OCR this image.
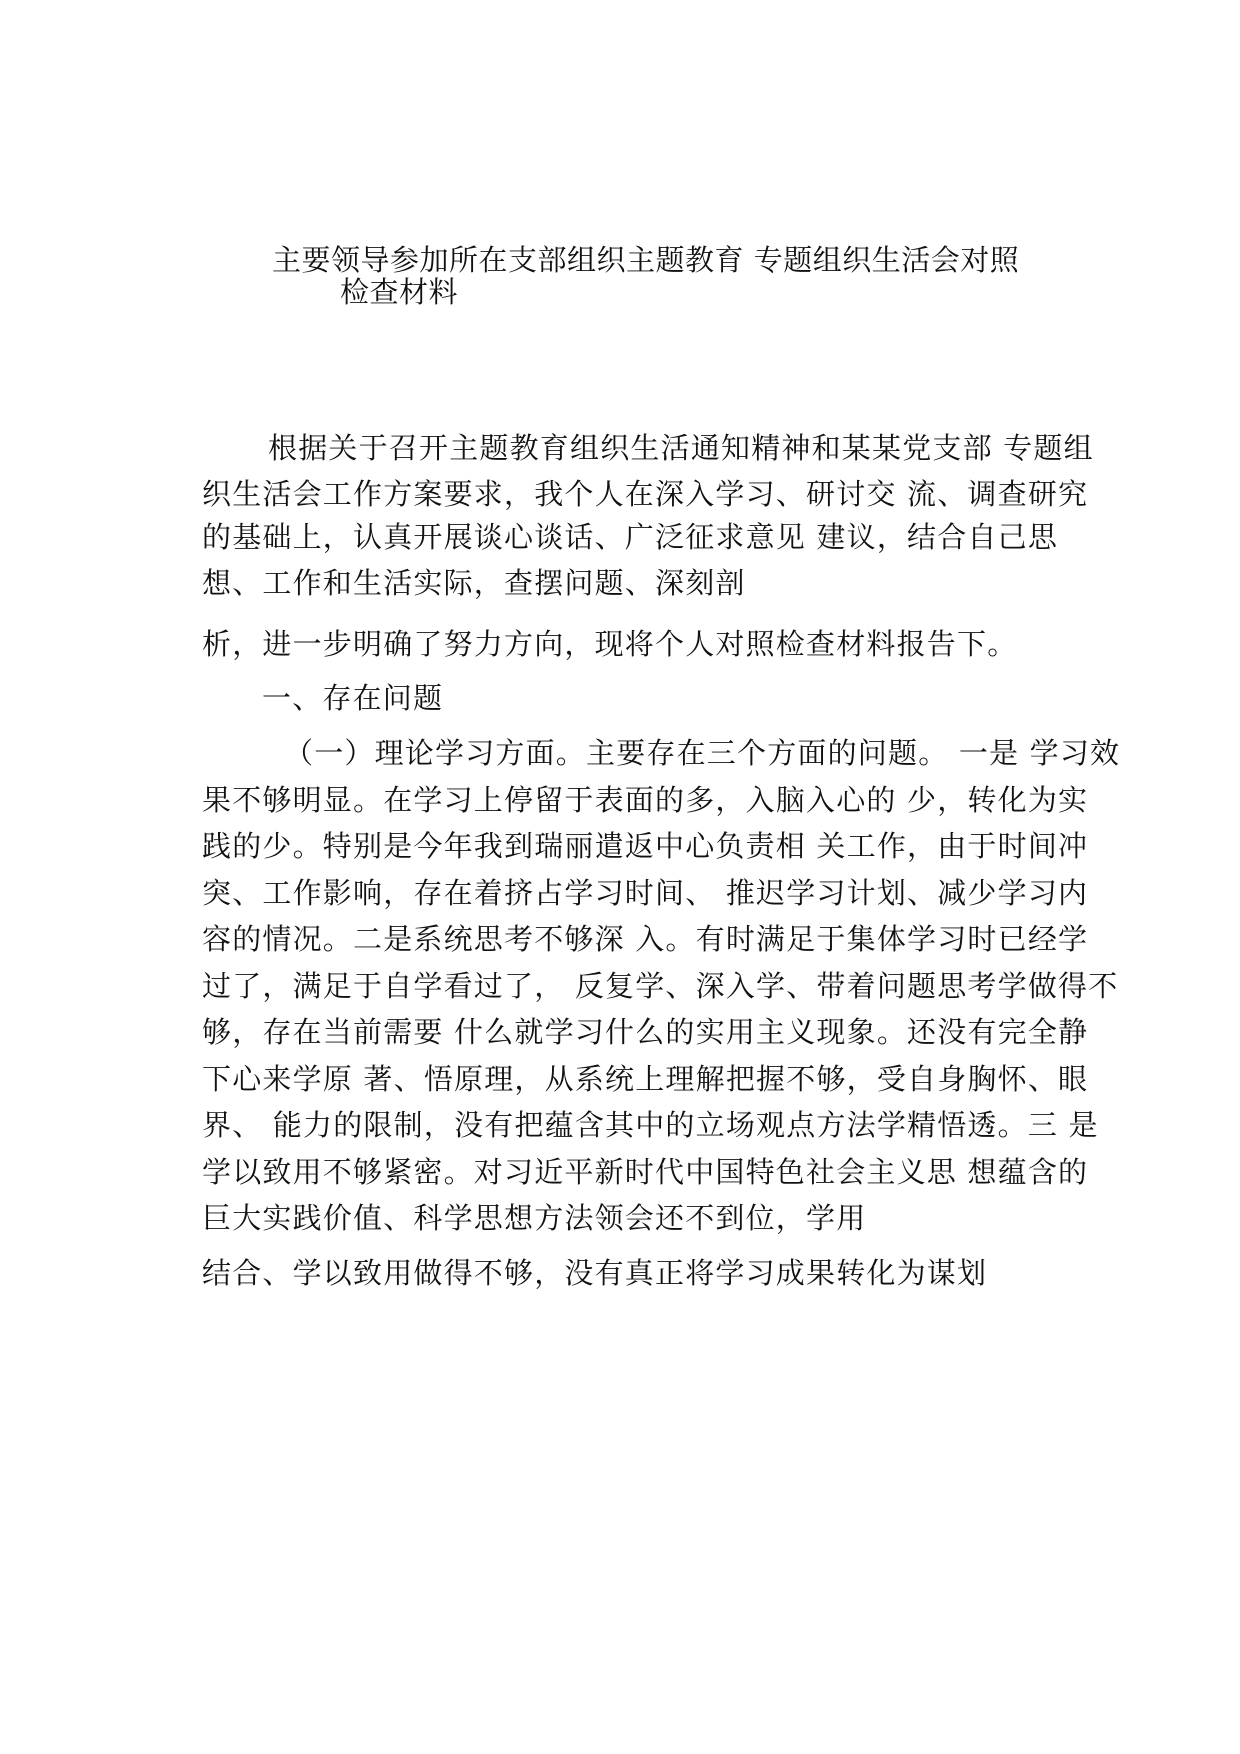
主要领导参加所在支部组织主题教育 专题组织生活会对照
检查材料
根据关于召开主题教育组织生活通知精神和某某党支部 专题组
织生活会工作方案要求，我个人在深入学习、研讨交 流、调查研究
的基础上，认真开展谈心谈话、广泛征求意见 建议，结合自己思
想、工作和生活实际，查摆问题、深刻剖
析，进一步明确了努力方向，现将个人对照检查材料报告下。
一、存在问题
（一）理论学习方面。主要存在三个方面的问题。 一是 学习效
果不够明显。在学习上停留于表面的多，入脑入心的 少，转化为实
践的少。特别是今年我到瑞丽遣返中心负责相 关工作，由于时间冲
突、工作影响，存在着挤占学习时间、 推迟学习计划、减少学习内
容的情况。二是系统思考不够深 入。有时满足于集体学习时已经学
过了，满足于自学看过了， 反复学、深入学、带着问题思考学做得不
够，存在当前需要 什么就学习什么的实用主义现象。还没有完全静
下心来学原 著、悟原理，从系统上理解把握不够，受自身胸怀、眼
界、 能力的限制，没有把蕴含其中的立场观点方法学精悟透。三 是
学以致用不够紧密。对习近平新时代中国特色社会主义思 想蕴含的
巨大实践价值、科学思想方法领会还不到位，学用
结合、学以致用做得不够，没有真正将学习成果转化为谋划
